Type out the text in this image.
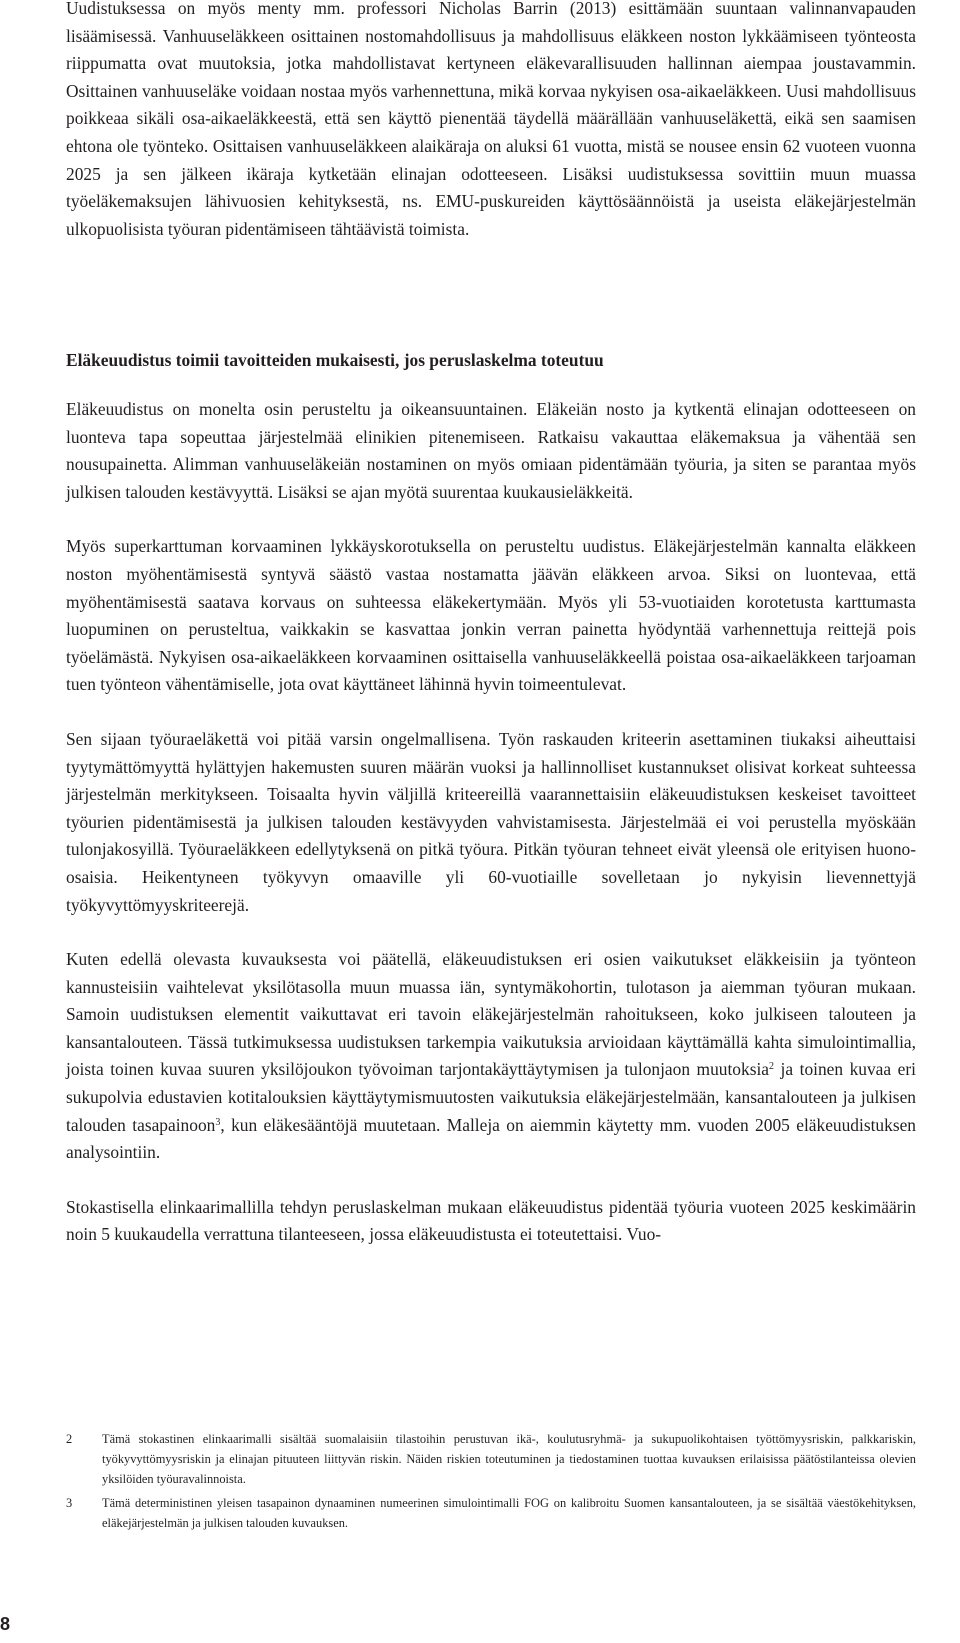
Uudistuksessa on myös menty mm. professori Nicholas Barrin (2013) esittämään suuntaan valinnanvapauden lisäämisessä. Vanhuuseläkkeen osittainen nostomahdollisuus ja mahdollisuus eläkkeen noston lykkäämiseen työnteosta riippumatta ovat muutoksia, jotka mahdollistavat kertyneen eläkevarallisuuden hallinnan aiempaa joustavammin. Osittainen vanhuuseläke voidaan nostaa myös varhennettuna, mikä korvaa nykyisen osa-aikaeläkkeen. Uusi mahdollisuus poikkeaa sikäli osa-aikaeläkkeestä, että sen käyttö pienentää täydellä määrällään vanhuuseläkettä, eikä sen saamisen ehtona ole työnteko. Osittaisen vanhuuseläkkeen alaikäraja on aluksi 61 vuotta, mistä se nousee ensin 62 vuoteen vuonna 2025 ja sen jälkeen ikäraja kytketään elinajan odotteeseen. Lisäksi uudistuksessa sovittiin muun muassa työeläkemaksujen lähivuosien kehityksestä, ns. EMU-puskureiden käyttösäännöistä ja useista eläkejärjestelmän ulkopuolisista työuran pidentämiseen tähtäävistä toimista.

Eläkeuudistus toimii tavoitteiden mukaisesti, jos peruslaskelma toteutuu

Eläkeuudistus on monelta osin perusteltu ja oikeansuuntainen. Eläkeiän nosto ja kytkentä elinajan odotteeseen on luonteva tapa sopeuttaa järjestelmää elinikien pitenemiseen. Ratkaisu vakauttaa eläkemaksua ja vähentää sen nousupainetta. Alimman vanhuuseläkeiän nostaminen on myös omiaan pidentämään työuria, ja siten se parantaa myös julkisen talouden kestävyyttä. Lisäksi se ajan myötä suurentaa kuukausieläkkeitä.

Myös superkarttuman korvaaminen lykkäyskorotuksella on perusteltu uudistus. Eläkejärjestelmän kannalta eläkkeen noston myöhentämisestä syntyvä säästö vastaa nostamatta jäävän eläkkeen arvoa. Siksi on luontevaa, että myöhentämisestä saatava korvaus on suhteessa eläkekertymään. Myös yli 53-vuotiaiden korotetusta karttumasta luopuminen on perusteltua, vaikkakin se kasvattaa jonkin verran painetta hyödyntää varhennettuja reittejä pois työelämästä. Nykyisen osa-aikaeläkkeen korvaaminen osittaisella vanhuuseläkkeellä poistaa osa-aikaeläkkeen tarjoaman tuen työnteon vähentämiselle, jota ovat käyttäneet lähinnä hyvin toimeentulevat.

Sen sijaan työuraeläkettä voi pitää varsin ongelmallisena. Työn raskauden kriteerin asettaminen tiukaksi aiheuttaisi tyytymättömyyttä hylättyjen hakemusten suuren määrän vuoksi ja hallinnolliset kustannukset olisivat korkeat suhteessa järjestelmän merkitykseen. Toisaalta hyvin väljillä kriteereillä vaarannettaisiin eläkeuudistuksen keskeiset tavoitteet työurien pidentämisestä ja julkisen talouden kestävyyden vahvistamisesta. Järjestelmää ei voi perustella myöskään tulonjakosyillä. Työuraeläkkeen edellytyksenä on pitkä työura. Pitkän työuran tehneet eivät yleensä ole erityisen huono-osaisia. Heikentyneen työkyvyn omaaville yli 60-vuotiaille sovelletaan jo nykyisin lievennettyjä työkyvyttömyyskriteerejä.

Kuten edellä olevasta kuvauksesta voi päätellä, eläkeuudistuksen eri osien vaikutukset eläkkeisiin ja työnteon kannusteisiin vaihtelevat yksilötasolla muun muassa iän, syntymäkohortin, tulotason ja aiemman työuran mukaan. Samoin uudistuksen elementit vaikuttavat eri tavoin eläkejärjestelmän rahoitukseen, koko julkiseen talouteen ja kansantalouteen. Tässä tutkimuksessa uudistuksen tarkempia vaikutuksia arvioidaan käyttämällä kahta simulointimallia, joista toinen kuvaa suuren yksilöjoukon työvoiman tarjontakäyttäytymisen ja tulonjaon muutoksia$^2$ ja toinen kuvaa eri sukupolvia edustavien kotitalouksien käyttäytymismuutosten vaikutuksia eläkejärjestelmään, kansantalouteen ja julkisen talouden tasapainoon$^3$, kun eläkesääntöjä muutetaan. Malleja on aiemmin käytetty mm. vuoden 2005 eläkeuudistuksen analysointiin.

Stokastisella elinkaarimallilla tehdyn peruslaskelman mukaan eläkeuudistus pidentää työuria vuoteen 2025 keskimäärin noin 5 kuukaudella verrattuna tilanteeseen, jossa eläkeuudistusta ei toteutettaisi. Vuo-

2	Tämä stokastinen elinkaarimalli sisältää suomalaisiin tilastoihin perustuvan ikä-, koulutusryhmä- ja sukupuolikohtaisen työttömyysriskin, palkkariskin, työkyvyttömyysriskin ja elinajan pituuteen liittyvän riskin. Näiden riskien toteutuminen ja tiedostaminen tuottaa kuvauksen erilaisissa päätöstilanteissa olevien yksilöiden työuravalinnoista.
3	Tämä deterministinen yleisen tasapainon dynaaminen numeerinen simulointimalli FOG on kalibroitu Suomen kansantalouteen, ja se sisältää väestökehityksen, eläkejärjestelmän ja julkisen talouden kuvauksen.
8
